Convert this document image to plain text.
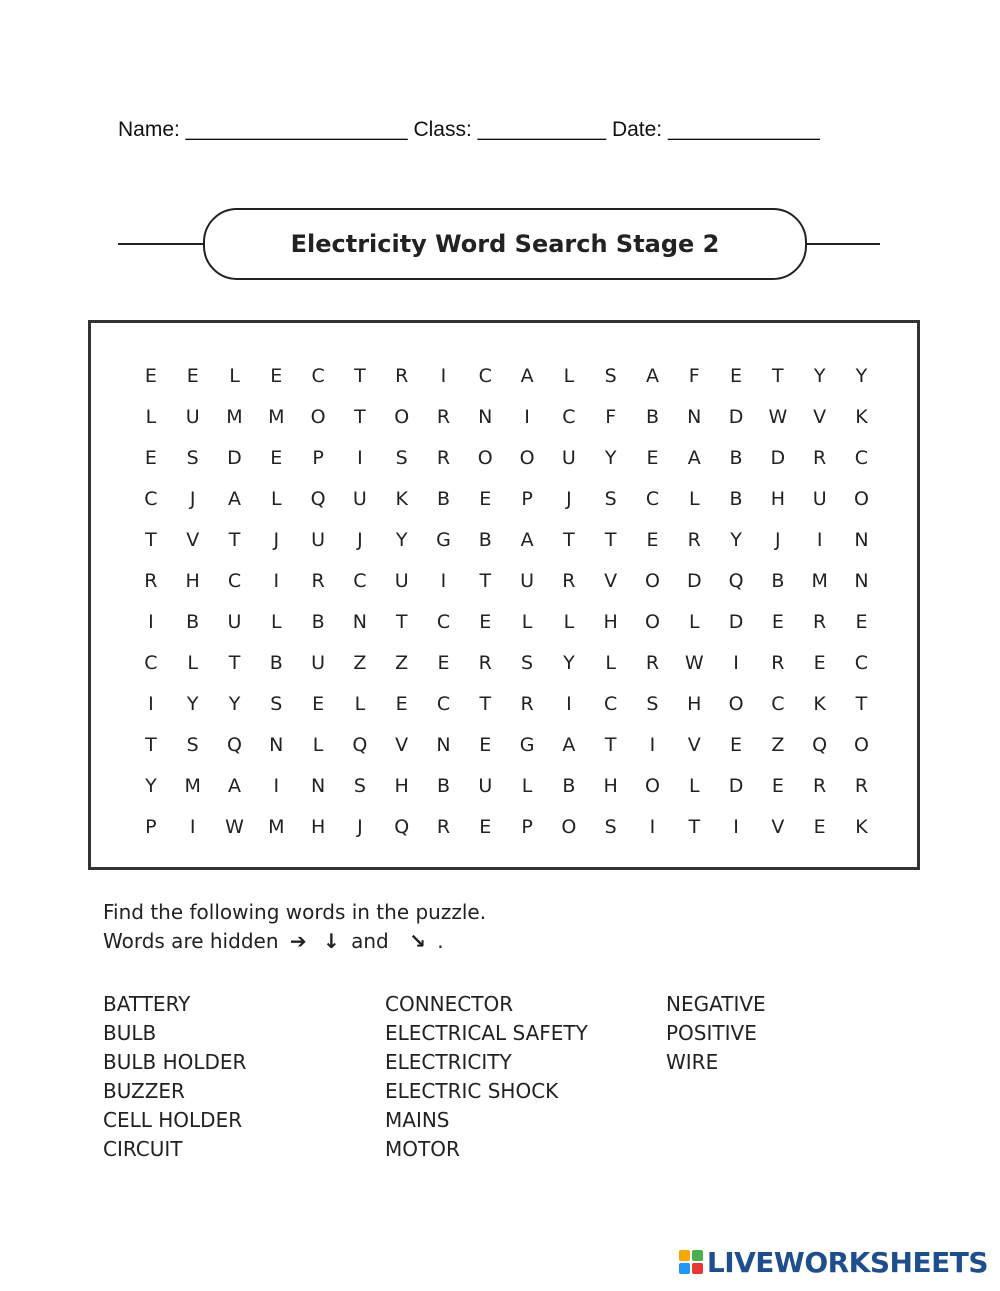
Name: ___________________ Class: ___________ Date: _____________
Electricity Word Search Stage 2
E	E	L	E	C	T	R	I	C	A	L	S	A	F	E	T	Y	Y
L	U	M	M	O	T	O	R	N	I	C	F	B	N	D	W	V	K
E	S	D	E	P	I	S	R	O	O	U	Y	E	A	B	D	R	C
C	J	A	L	Q	U	K	B	E	P	J	S	C	L	B	H	U	O
T	V	T	J	U	J	Y	G	B	A	T	T	E	R	Y	J	I	N
R	H	C	I	R	C	U	I	T	U	R	V	O	D	Q	B	M	N
I	B	U	L	B	N	T	C	E	L	L	H	O	L	D	E	R	E
C	L	T	B	U	Z	Z	E	R	S	Y	L	R	W	I	R	E	C
I	Y	Y	S	E	L	E	C	T	R	I	C	S	H	O	C	K	T
T	S	Q	N	L	Q	V	N	E	G	A	T	I	V	E	Z	Q	O
Y	M	A	I	N	S	H	B	U	L	B	H	O	L	D	E	R	R
P	I	W	M	H	J	Q	R	E	P	O	S	I	T	I	V	E	K
Find the following words in the puzzle.
Words are hidden ➔ ↓ and ↘ .
BATTERY
BULB
BULB HOLDER
BUZZER
CELL HOLDER
CIRCUIT
CONNECTOR
ELECTRICAL SAFETY
ELECTRICITY
ELECTRIC SHOCK
MAINS
MOTOR
NEGATIVE
POSITIVE
WIRE
LIVEWORKSHEETS
